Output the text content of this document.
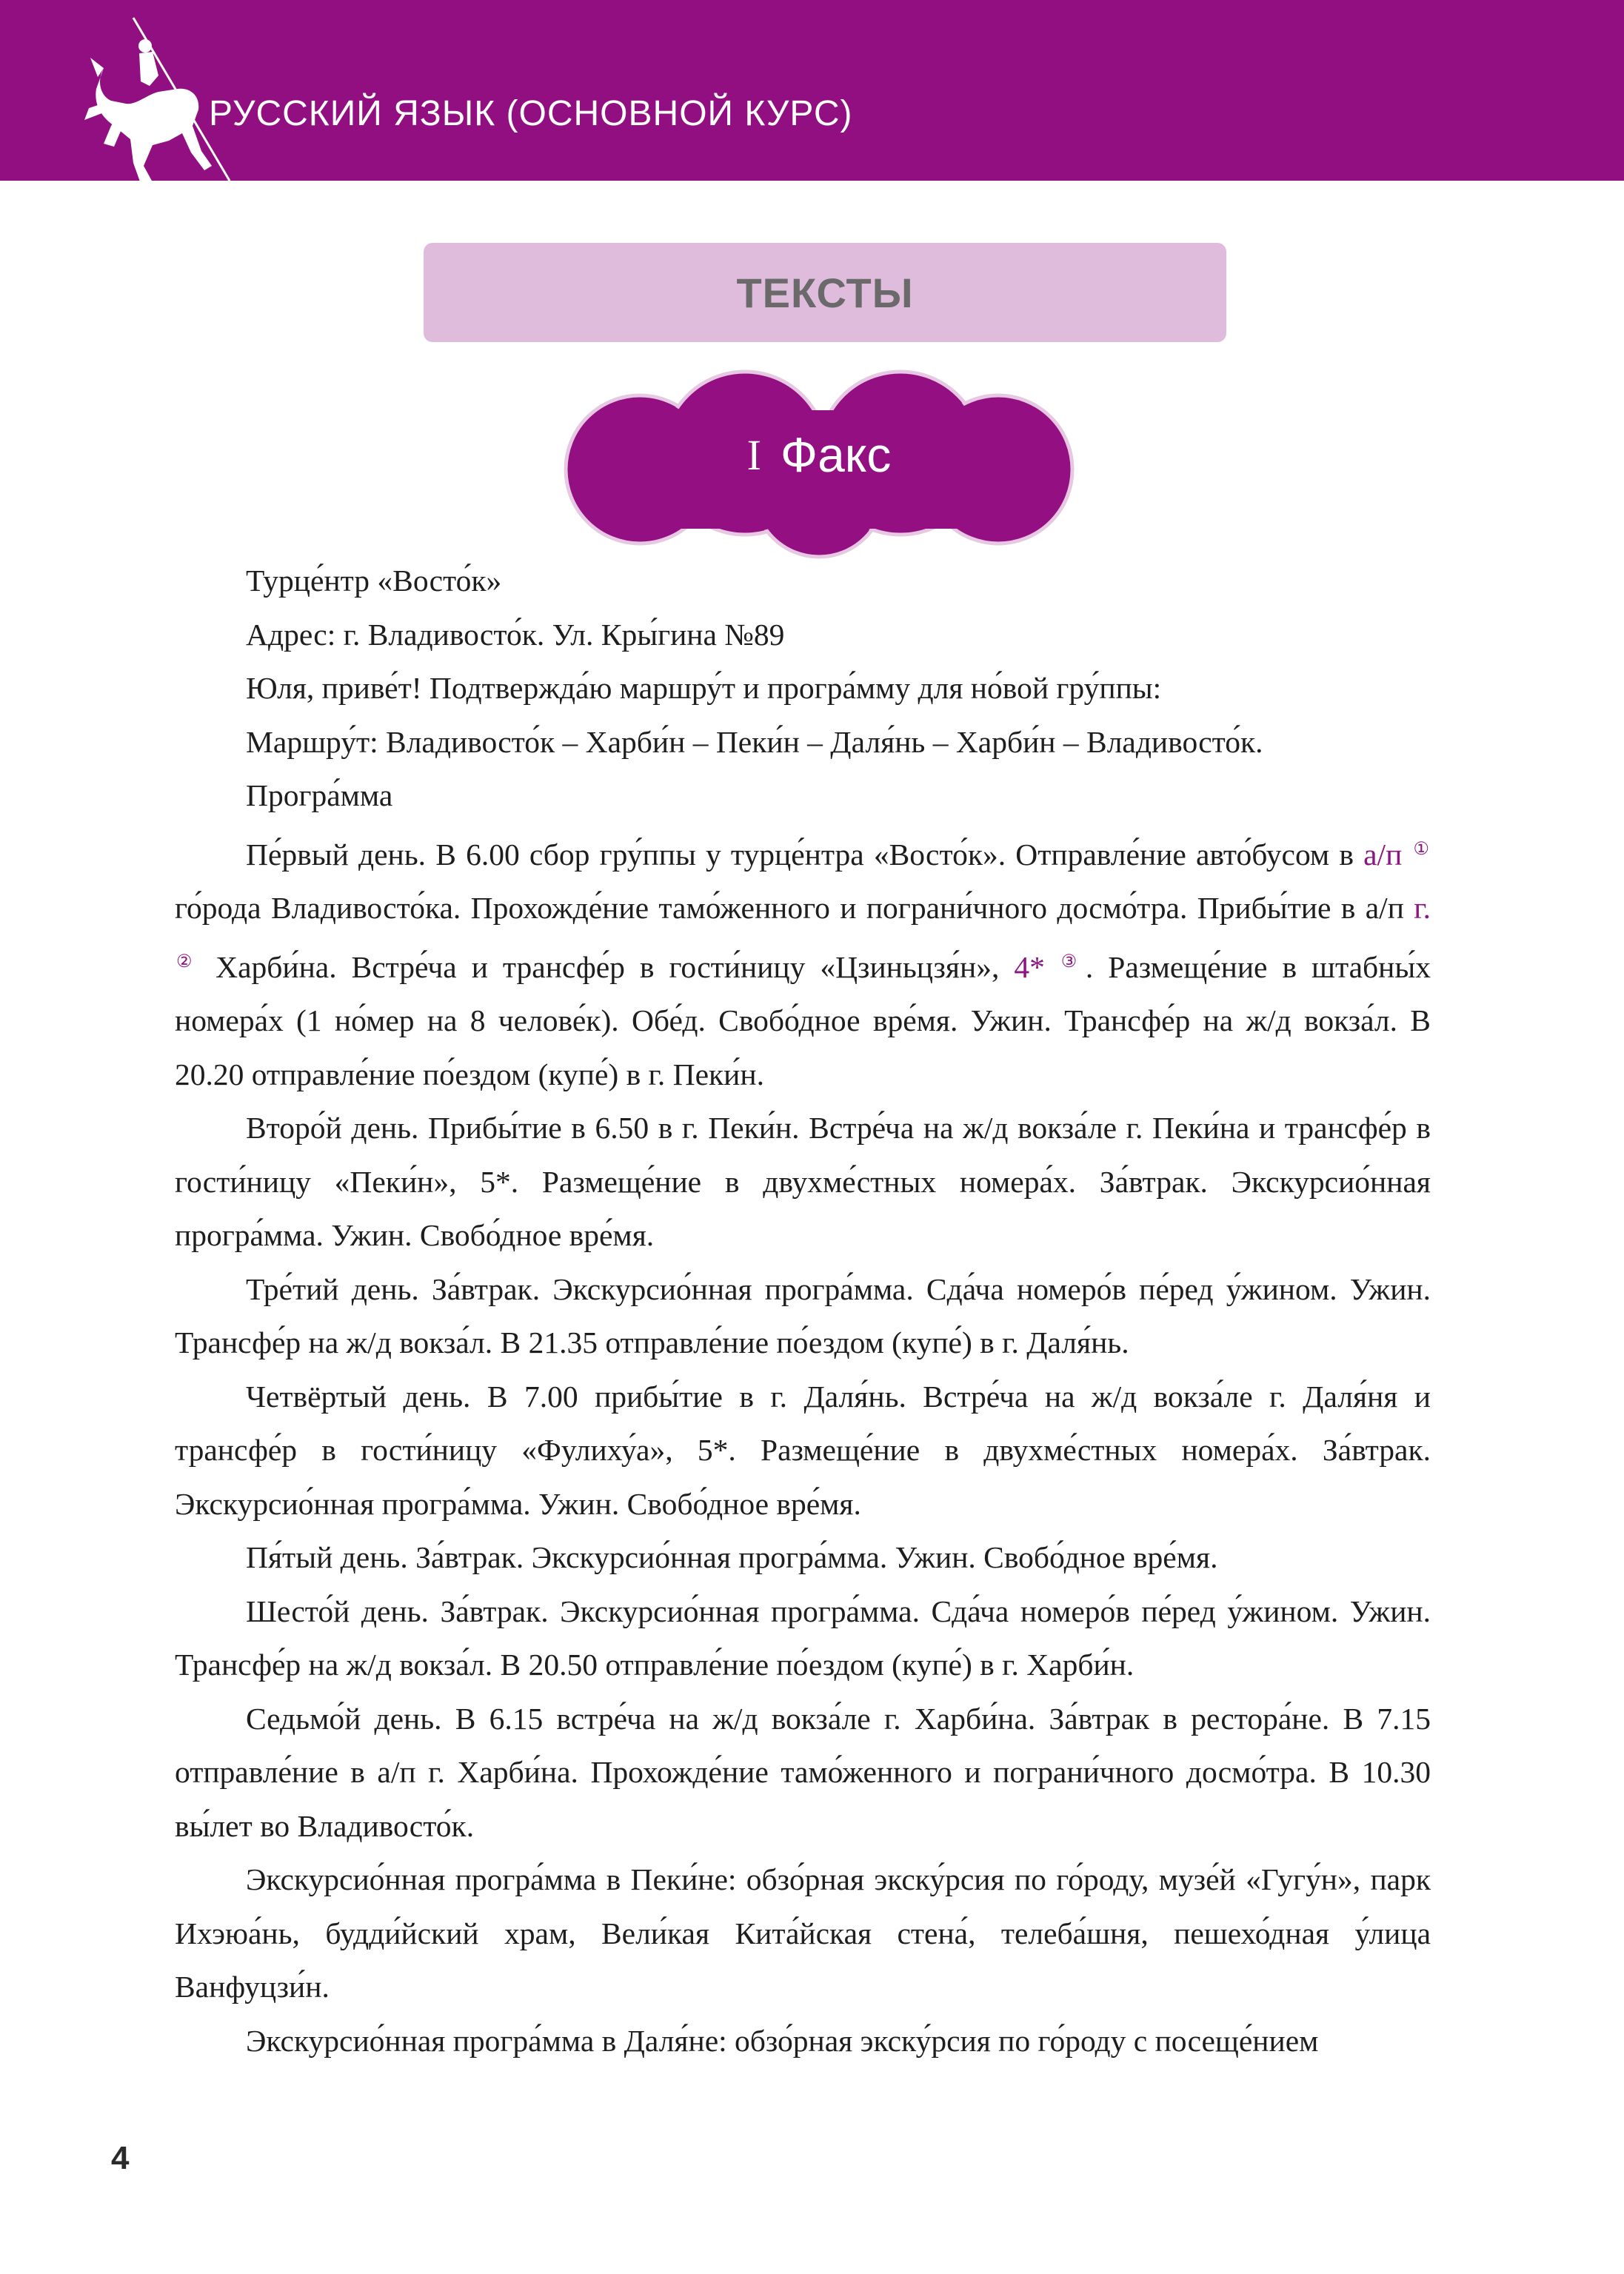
РУССКИЙ ЯЗЫК (ОСНОВНОЙ КУРС)
ТЕКСТЫ
I Факс

Турце́нтр «Восто́к»

Адрес: г. Владивосто́к. Ул. Кры́гина №89

Юля, приве́т! Подтвержда́ю маршру́т и програ́мму для но́вой гру́ппы:

Маршру́т: Владивосто́к – Харби́н – Пеки́н – Даля́нь – Харби́н – Владивосто́к.

Програ́мма

Пе́рвый день. В 6.00 сбор гру́ппы у турце́нтра «Восто́к». Отправле́ние авто́бусом в а/п ① го́рода Владивосто́ка. Прохожде́ние тамо́женного и пограни́чного досмо́тра. Прибы́тие в а/п г. ② Харби́на. Встре́ча и трансфе́р в гости́ницу «Цзиньцзя́н», 4* ③. Размеще́ние в штабны́х номера́х (1 но́мер на 8 челове́к). Обе́д. Свобо́дное вре́мя. Ужин. Трансфе́р на ж/д вокза́л. В 20.20 отправле́ние по́ездом (купе́) в г. Пеки́н.

Второ́й день. Прибы́тие в 6.50 в г. Пеки́н. Встре́ча на ж/д вокза́ле г. Пеки́на и трансфе́р в гости́ницу «Пеки́н», 5*. Размеще́ние в двухме́стных номера́х. За́втрак. Экскурсио́нная програ́мма. Ужин. Свобо́дное вре́мя.

Тре́тий день. За́втрак. Экскурсио́нная програ́мма. Сда́ча номеро́в пе́ред у́жином. Ужин. Трансфе́р на ж/д вокза́л. В 21.35 отправле́ние по́ездом (купе́) в г. Даля́нь.

Четвёртый день. В 7.00 прибы́тие в г. Даля́нь. Встре́ча на ж/д вокза́ле г. Даля́ня и трансфе́р в гости́ницу «Фулиху́а», 5*. Размеще́ние в двухме́стных номера́х. За́втрак. Экскурсио́нная програ́мма. Ужин. Свобо́дное вре́мя.

Пя́тый день. За́втрак. Экскурсио́нная програ́мма. Ужин. Свобо́дное вре́мя.

Шесто́й день. За́втрак. Экскурсио́нная програ́мма. Сда́ча номеро́в пе́ред у́жином. Ужин. Трансфе́р на ж/д вокза́л. В 20.50 отправле́ние по́ездом (купе́) в г. Харби́н.

Седьмо́й день. В 6.15 встре́ча на ж/д вокза́ле г. Харби́на. За́втрак в рестора́не. В 7.15 отправле́ние в а/п г. Харби́на. Прохожде́ние тамо́женного и пограни́чного досмо́тра. В 10.30 вы́лет во Владивосто́к.

Экскурсио́нная програ́мма в Пеки́не: обзо́рная экску́рсия по го́роду, музе́й «Гугу́н», парк Ихэюа́нь, будди́йский храм, Вели́кая Кита́йская стена́, телеба́шня, пешехо́дная у́лица Ванфуцзи́н.

Экскурсио́нная програ́мма в Даля́не: обзо́рная экску́рсия по го́роду с посеще́нием

4
